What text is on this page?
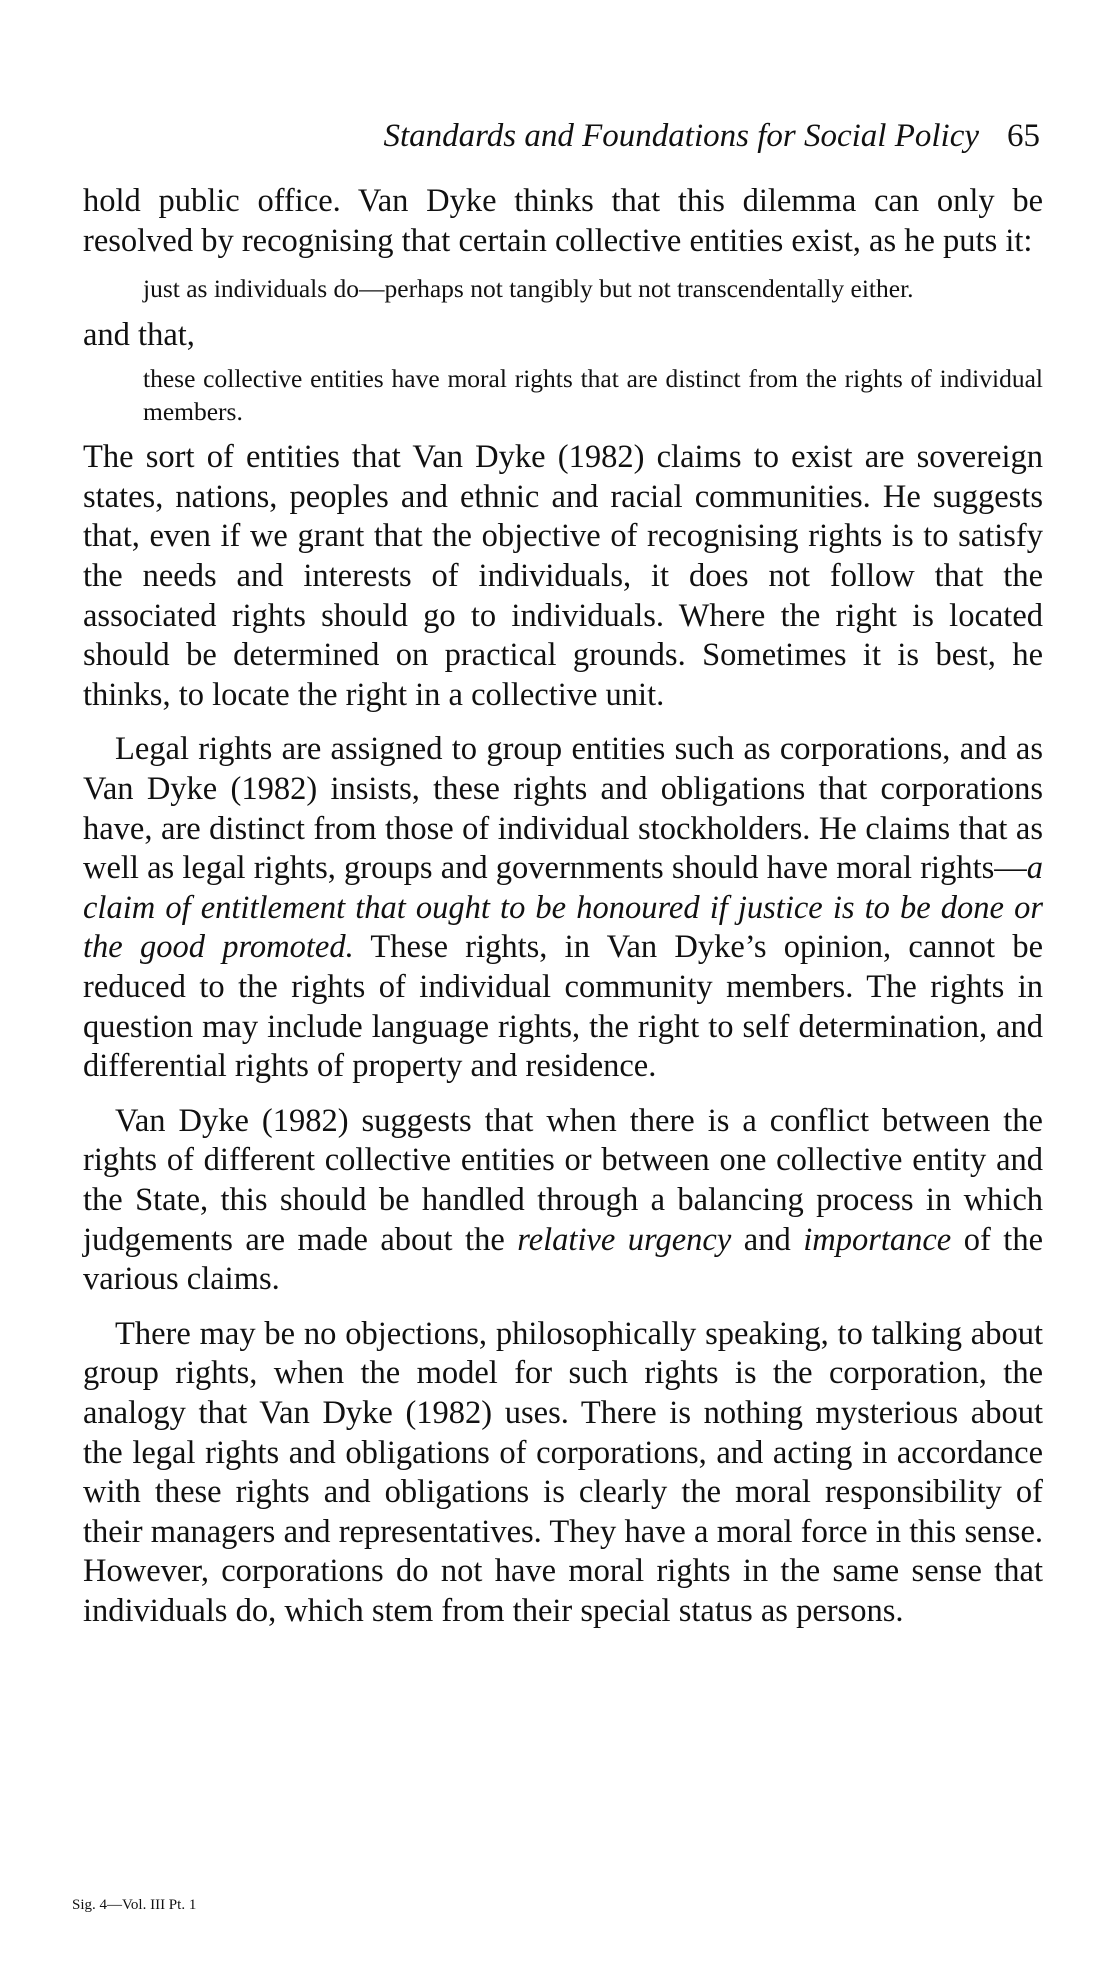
Standards and Foundations for Social Policy 65

hold public office. Van Dyke thinks that this dilemma can only be resolved by recognising that certain collective entities exist, as he puts it:

just as individuals do—perhaps not tangibly but not transcendentally either.

and that,

these collective entities have moral rights that are distinct from the rights of individual members.

The sort of entities that Van Dyke (1982) claims to exist are sovereign states, nations, peoples and ethnic and racial communities. He suggests that, even if we grant that the objective of recognising rights is to satisfy the needs and interests of individuals, it does not follow that the associated rights should go to individuals. Where the right is located should be determined on practical grounds. Sometimes it is best, he thinks, to locate the right in a collective unit.

Legal rights are assigned to group entities such as corporations, and as Van Dyke (1982) insists, these rights and obligations that corporations have, are distinct from those of individual stockholders. He claims that as well as legal rights, groups and governments should have moral rights—a claim of entitlement that ought to be honoured if justice is to be done or the good promoted. These rights, in Van Dyke’s opinion, cannot be reduced to the rights of individual community members. The rights in question may include language rights, the right to self determination, and differential rights of property and residence.

Van Dyke (1982) suggests that when there is a conflict between the rights of different collective entities or between one collective entity and the State, this should be handled through a balancing process in which judgements are made about the relative urgency and importance of the various claims.

There may be no objections, philosophically speaking, to talking about group rights, when the model for such rights is the corporation, the analogy that Van Dyke (1982) uses. There is nothing mysterious about the legal rights and obligations of corporations, and acting in accordance with these rights and obligations is clearly the moral responsibility of their managers and representatives. They have a moral force in this sense. However, corporations do not have moral rights in the same sense that individuals do, which stem from their special status as persons.

Sig. 4—Vol. III Pt. 1
